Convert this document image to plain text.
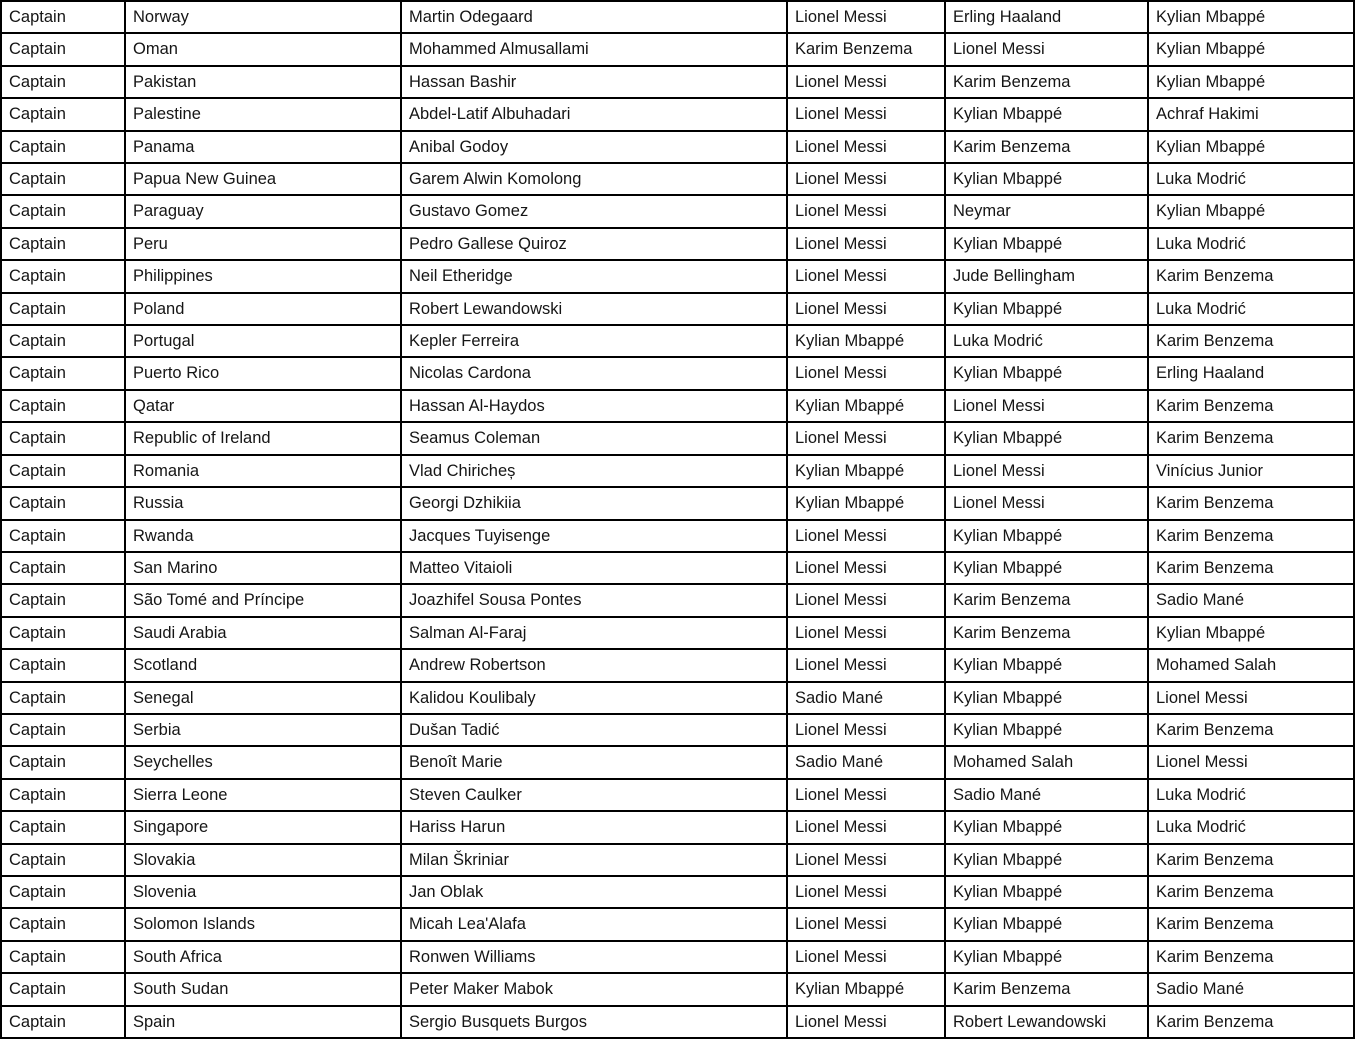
Captain	Norway	Martin Odegaard	Lionel Messi	Erling Haaland	Kylian Mbappé
Captain	Oman	Mohammed Almusallami	Karim Benzema	Lionel Messi	Kylian Mbappé
Captain	Pakistan	Hassan Bashir	Lionel Messi	Karim Benzema	Kylian Mbappé
Captain	Palestine	Abdel-Latif Albuhadari	Lionel Messi	Kylian Mbappé	Achraf Hakimi
Captain	Panama	Anibal Godoy	Lionel Messi	Karim Benzema	Kylian Mbappé
Captain	Papua New Guinea	Garem Alwin Komolong	Lionel Messi	Kylian Mbappé	Luka Modrić
Captain	Paraguay	Gustavo Gomez	Lionel Messi	Neymar	Kylian Mbappé
Captain	Peru	Pedro Gallese Quiroz	Lionel Messi	Kylian Mbappé	Luka Modrić
Captain	Philippines	Neil Etheridge	Lionel Messi	Jude Bellingham	Karim Benzema
Captain	Poland	Robert Lewandowski	Lionel Messi	Kylian Mbappé	Luka Modrić
Captain	Portugal	Kepler Ferreira	Kylian Mbappé	Luka Modrić	Karim Benzema
Captain	Puerto Rico	Nicolas Cardona	Lionel Messi	Kylian Mbappé	Erling Haaland
Captain	Qatar	Hassan Al-Haydos	Kylian Mbappé	Lionel Messi	Karim Benzema
Captain	Republic of Ireland	Seamus Coleman	Lionel Messi	Kylian Mbappé	Karim Benzema
Captain	Romania	Vlad Chiricheș	Kylian Mbappé	Lionel Messi	Vinícius Junior
Captain	Russia	Georgi Dzhikiia	Kylian Mbappé	Lionel Messi	Karim Benzema
Captain	Rwanda	Jacques Tuyisenge	Lionel Messi	Kylian Mbappé	Karim Benzema
Captain	San Marino	Matteo Vitaioli	Lionel Messi	Kylian Mbappé	Karim Benzema
Captain	São Tomé and Príncipe	Joazhifel Sousa Pontes	Lionel Messi	Karim Benzema	Sadio Mané
Captain	Saudi Arabia	Salman Al-Faraj	Lionel Messi	Karim Benzema	Kylian Mbappé
Captain	Scotland	Andrew Robertson	Lionel Messi	Kylian Mbappé	Mohamed Salah
Captain	Senegal	Kalidou Koulibaly	Sadio Mané	Kylian Mbappé	Lionel Messi
Captain	Serbia	Dušan Tadić	Lionel Messi	Kylian Mbappé	Karim Benzema
Captain	Seychelles	Benoît Marie	Sadio Mané	Mohamed Salah	Lionel Messi
Captain	Sierra Leone	Steven Caulker	Lionel Messi	Sadio Mané	Luka Modrić
Captain	Singapore	Hariss Harun	Lionel Messi	Kylian Mbappé	Luka Modrić
Captain	Slovakia	Milan Škriniar	Lionel Messi	Kylian Mbappé	Karim Benzema
Captain	Slovenia	Jan Oblak	Lionel Messi	Kylian Mbappé	Karim Benzema
Captain	Solomon Islands	Micah Lea'Alafa	Lionel Messi	Kylian Mbappé	Karim Benzema
Captain	South Africa	Ronwen Williams	Lionel Messi	Kylian Mbappé	Karim Benzema
Captain	South Sudan	Peter Maker Mabok	Kylian Mbappé	Karim Benzema	Sadio Mané
Captain	Spain	Sergio Busquets Burgos	Lionel Messi	Robert Lewandowski	Karim Benzema
